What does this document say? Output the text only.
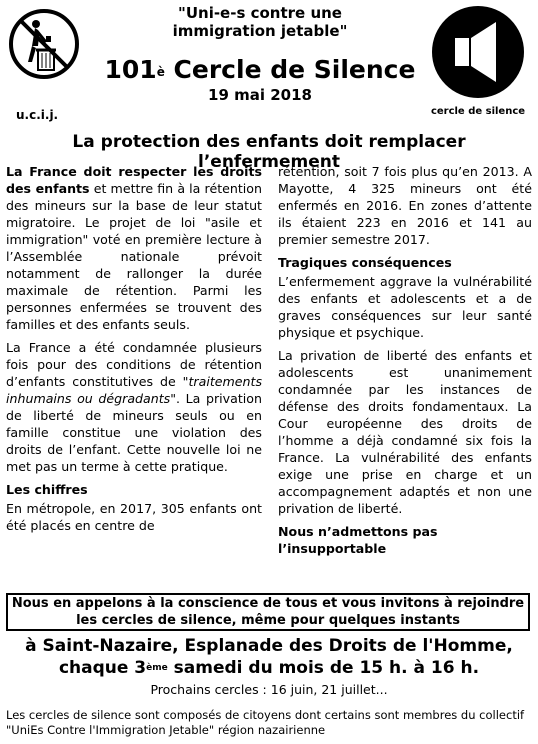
"Uni-e-s contre une
immigration jetable"
$101^è$ Cercle de Silence
19 mai 2018
u.c.i.j.	cercle de silence
La protection des enfants doit remplacer l’enfermement

La France doit respecter les droits des enfants et mettre fin à la rétention des mineurs sur la base de leur statut migratoire. Le projet de loi "asile et immigration" voté en première lecture à l’Assemblée nationale prévoit notamment de rallonger la durée maximale de rétention. Parmi les personnes enfermées se trouvent des familles et des enfants seuls.

La France a été condamnée plusieurs fois pour des conditions de rétention d’enfants constitutives de "traitements inhumains ou dégradants". La privation de liberté de mineurs seuls ou en famille constitue une violation des droits de l’enfant. Cette nouvelle loi ne met pas un terme à cette pratique.

Les chiffres

En métropole, en 2017, 305 enfants ont été placés en centre de

rétention, soit 7 fois plus qu’en 2013. A Mayotte, 4 325 mineurs ont été enfermés en 2016. En zones d’attente ils étaient 223 en 2016 et 141 au premier semestre 2017.

Tragiques conséquences

L’enfermement aggrave la vulnérabilité des enfants et adolescents et a de graves conséquences sur leur santé physique et psychique.

La privation de liberté des enfants et adolescents est unanimement condamnée par les instances de défense des droits fondamentaux. La Cour européenne des droits de l’homme a déjà condamné six fois la France. La vulnérabilité des enfants exige une prise en charge et un accompagnement adaptés et non une privation de liberté.

Nous n’admettons pas l’insupportable
Nous en appelons à la conscience de tous et vous invitons à rejoindre
les cercles de silence, même pour quelques instants
à Saint-Nazaire, Esplanade des Droits de l'Homme,
chaque 3ème samedi du mois de 15 h. à 16 h.
Prochains cercles : 16 juin, 21 juillet...
Les cercles de silence sont composés de citoyens dont certains sont membres du collectif "UniEs Contre l'Immigration Jetable" région nazairienne
